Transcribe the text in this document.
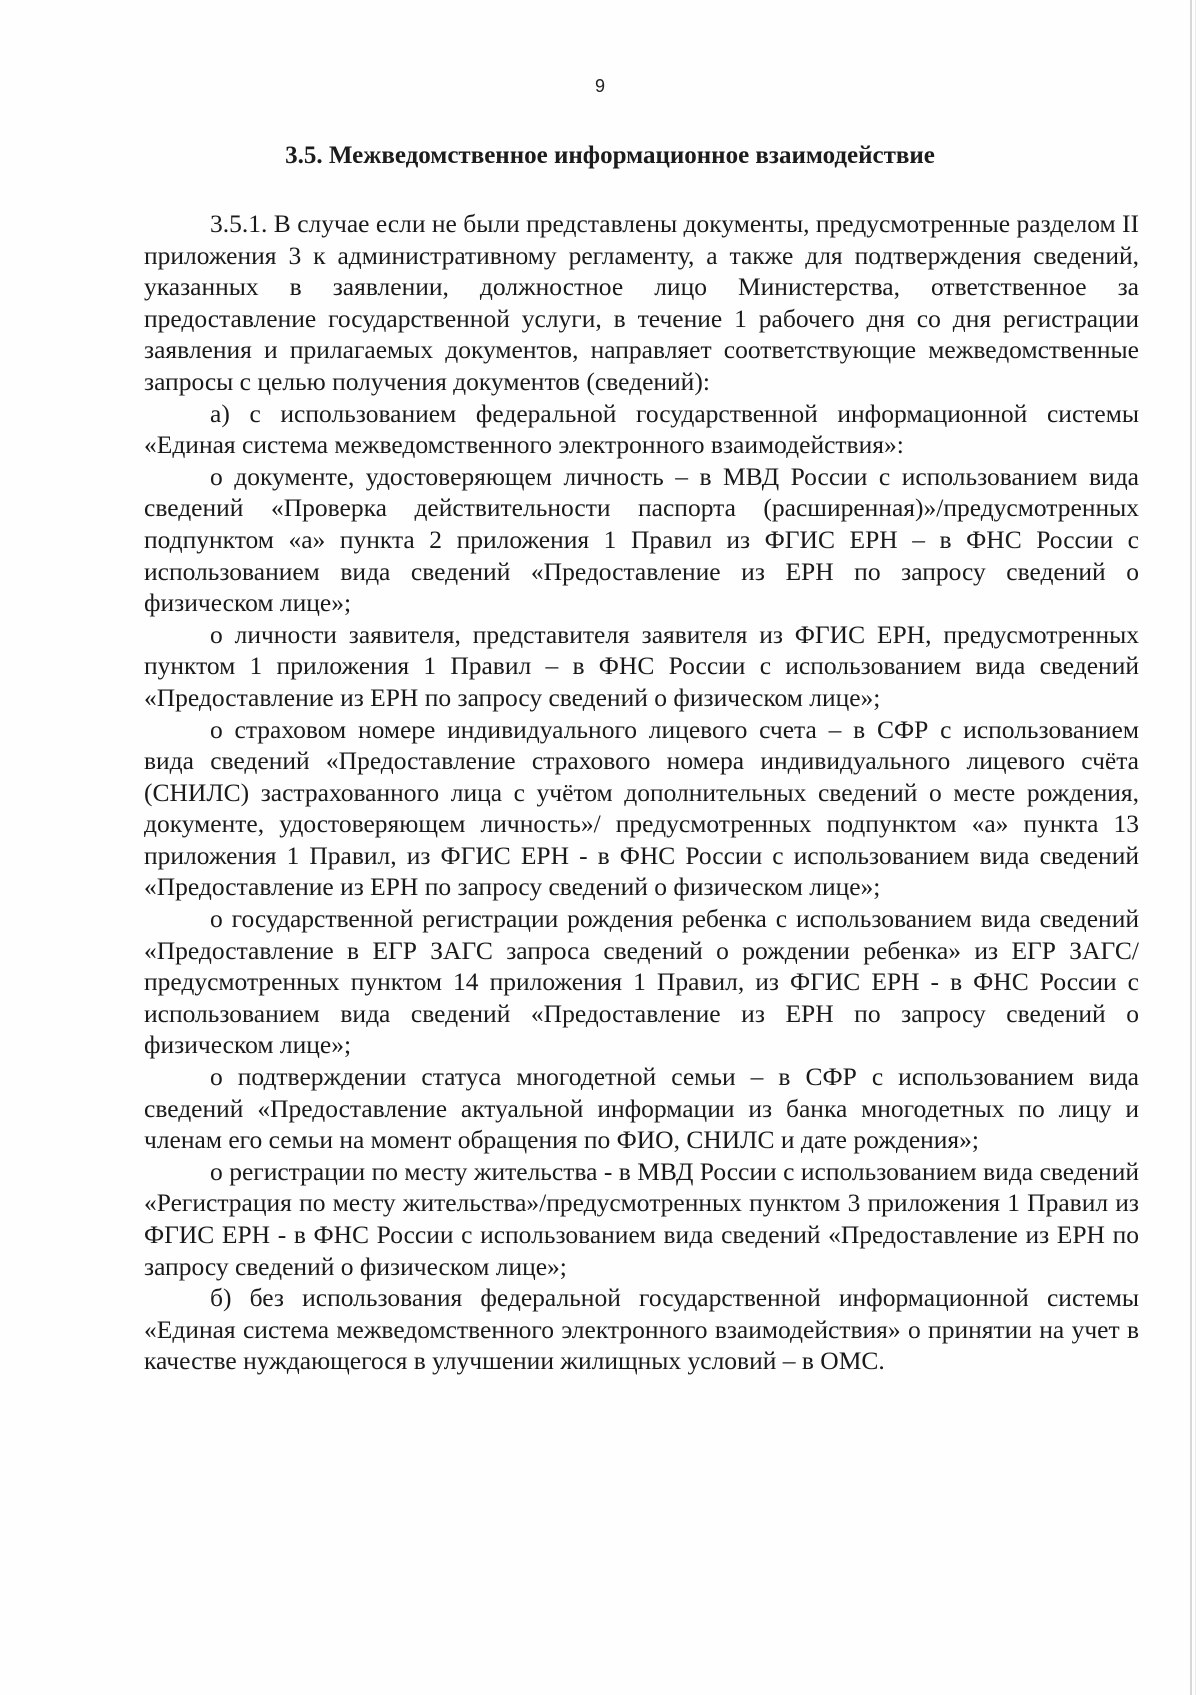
9
3.5. Межведомственное информационное взаимодействие

3.5.1. В случае если не были представлены документы, предусмотренные разделом II приложения 3 к административному регламенту, а также для подтверждения сведений, указанных в заявлении, должностное лицо Министерства, ответственное за предоставление государственной услуги, в течение 1 рабочего дня со дня регистрации заявления и прилагаемых документов, направляет соответствующие межведомственные запросы с целью получения документов (сведений):

а) с использованием федеральной государственной информационной системы «Единая система межведомственного электронного взаимодействия»:

о документе, удостоверяющем личность – в МВД России с использованием вида сведений «Проверка действительности паспорта (расширенная)»/предусмотренных подпунктом «а» пункта 2 приложения 1 Правил из ФГИС ЕРН – в ФНС России с использованием вида сведений «Предоставление из ЕРН по запросу сведений о физическом лице»;

о личности заявителя, представителя заявителя из ФГИС ЕРН, предусмотренных пунктом 1 приложения 1 Правил – в ФНС России с использованием вида сведений «Предоставление из ЕРН по запросу сведений о физическом лице»;

о страховом номере индивидуального лицевого счета – в СФР с использованием вида сведений «Предоставление страхового номера индивидуального лицевого счёта (СНИЛС) застрахованного лица с учётом дополнительных сведений о месте рождения, документе, удостоверяющем личность»/ предусмотренных подпунктом «а» пункта 13 приложения 1 Правил, из ФГИС ЕРН - в ФНС России с использованием вида сведений «Предоставление из ЕРН по запросу сведений о физическом лице»;

о государственной регистрации рождения ребенка с использованием вида сведений «Предоставление в ЕГР ЗАГС запроса сведений о рождении ребенка» из ЕГР ЗАГС/предусмотренных пунктом 14 приложения 1 Правил, из ФГИС ЕРН - в ФНС России с использованием вида сведений «Предоставление из ЕРН по запросу сведений о физическом лице»;

о подтверждении статуса многодетной семьи – в СФР с использованием вида сведений «Предоставление актуальной информации из банка многодетных по лицу и членам его семьи на момент обращения по ФИО, СНИЛС и дате рождения»;

о регистрации по месту жительства - в МВД России с использованием вида сведений «Регистрация по месту жительства»/предусмотренных пунктом 3 приложения 1 Правил из ФГИС ЕРН - в ФНС России с использованием вида сведений «Предоставление из ЕРН по запросу сведений о физическом лице»;

б) без использования федеральной государственной информационной системы «Единая система межведомственного электронного взаимодействия» о принятии на учет в качестве нуждающегося в улучшении жилищных условий – в ОМС.
